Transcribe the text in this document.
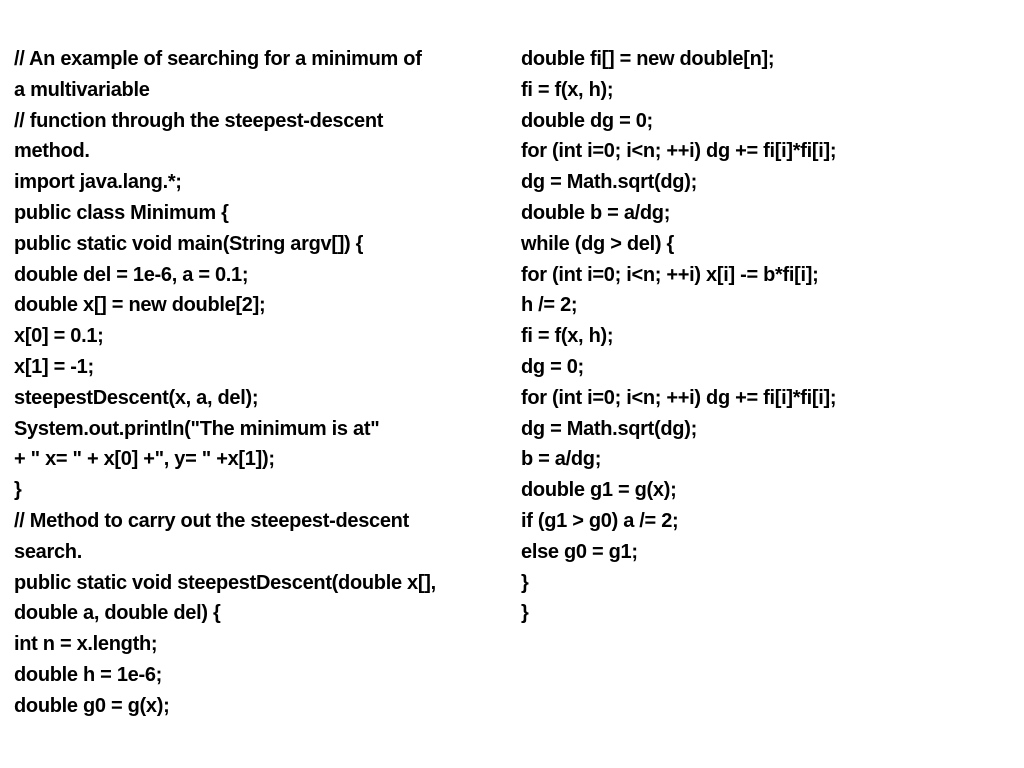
// An example of searching for a minimum of
a multivariable
// function through the steepest-descent
method.
import java.lang.*;
public class Minimum {
public static void main(String argv[]) {
double del = 1e-6, a = 0.1;
double x[] = new double[2];
x[0] = 0.1;
x[1] = -1;
steepestDescent(x, a, del);
System.out.println("The minimum is at"
+ " x= " + x[0] +", y= " +x[1]);
}
// Method to carry out the steepest-descent
search.
public static void steepestDescent(double x[],
double a, double del) {
int n = x.length;
double h = 1e-6;
double g0 = g(x);
double fi[] = new double[n];
fi = f(x, h);
double dg = 0;
for (int i=0; i<n; ++i) dg += fi[i]*fi[i];
dg = Math.sqrt(dg);
double b = a/dg;
while (dg > del) {
for (int i=0; i<n; ++i) x[i] -= b*fi[i];
h /= 2;
fi = f(x, h);
dg = 0;
for (int i=0; i<n; ++i) dg += fi[i]*fi[i];
dg = Math.sqrt(dg);
b = a/dg;
double g1 = g(x);
if (g1 > g0) a /= 2;
else g0 = g1;
}
}
